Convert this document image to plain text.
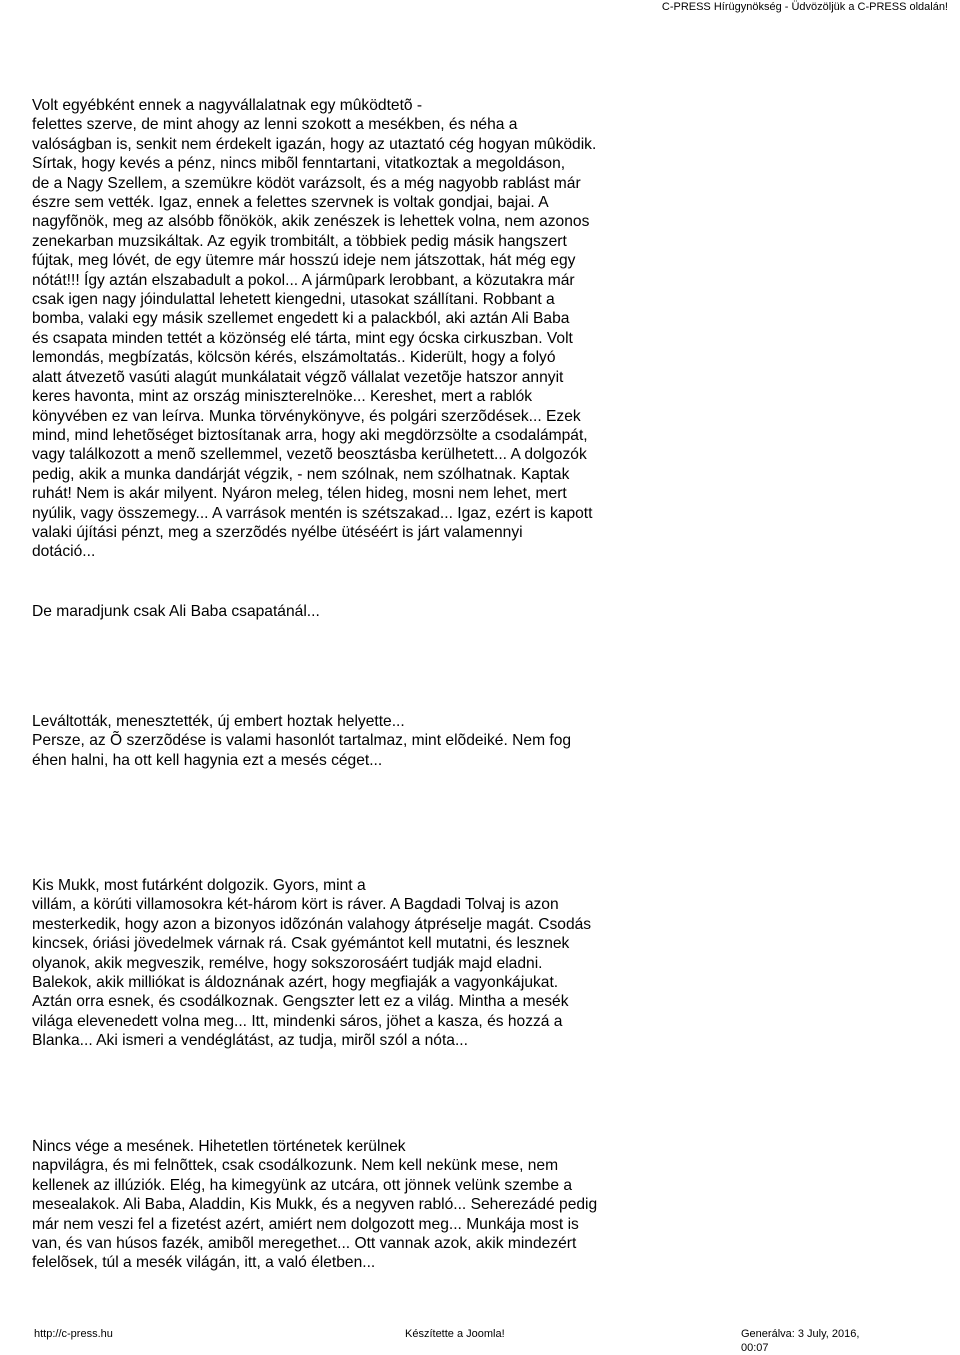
C-PRESS Hírügynökség - Üdvözöljük a C-PRESS oldalán!
Volt egyébként ennek a nagyvállalatnak egy mûködtetõ -
felettes szerve, de mint ahogy az lenni szokott a mesékben, és néha a
valóságban is, senkit nem érdekelt igazán, hogy az utaztató cég hogyan mûködik.
Sírtak, hogy kevés a pénz, nincs mibõl fenntartani, vitatkoztak a megoldáson,
de a Nagy Szellem, a szemükre ködöt varázsolt, és a még nagyobb rablást már
észre sem vették. Igaz, ennek a felettes szervnek is voltak gondjai, bajai. A
nagyfõnök, meg az alsóbb fõnökök, akik zenészek is lehettek volna, nem azonos
zenekarban muzsikáltak. Az egyik trombitált, a többiek pedig másik hangszert
fújtak, meg lóvét, de egy ütemre már hosszú ideje nem játszottak, hát még egy
nótát!!! Így aztán elszabadult a pokol... A jármûpark lerobbant, a közutakra már
csak igen nagy jóindulattal lehetett kiengedni, utasokat szállítani. Robbant a
bomba, valaki egy másik szellemet engedett ki a palackból, aki aztán Ali Baba
és csapata minden tettét a közönség elé tárta, mint egy ócska cirkuszban. Volt
lemondás, megbízatás, kölcsön kérés, elszámoltatás.. Kiderült, hogy a folyó
alatt átvezetõ vasúti alagút munkálatait végzõ vállalat vezetõje hatszor annyit
keres havonta, mint az ország miniszterelnöke... Kereshet, mert a rablók
könyvében ez van leírva. Munka törvénykönyve, és polgári szerzõdések... Ezek
mind, mind lehetõséget biztosítanak arra, hogy aki megdörzsölte a csodalámpát,
vagy találkozott a menõ szellemmel, vezetõ beosztásba kerülhetett... A dolgozók
pedig, akik a munka dandárját végzik, - nem szólnak, nem szólhatnak. Kaptak
ruhát! Nem is akár milyent. Nyáron meleg, télen hideg, mosni nem lehet, mert
nyúlik, vagy összemegy... A varrások mentén is szétszakad... Igaz, ezért is kapott
valaki újítási pénzt, meg a szerzõdés nyélbe ütéséért is járt valamennyi
dotáció...
De maradjunk csak Ali Baba csapatánál...
Leváltották, menesztették, új embert hoztak helyette...
Persze, az Õ szerzõdése is valami hasonlót tartalmaz, mint elõdeiké. Nem fog
éhen halni, ha ott kell hagynia ezt a mesés céget...
Kis Mukk, most futárként dolgozik. Gyors, mint a
villám, a körúti villamosokra két-három kört is ráver. A Bagdadi Tolvaj is azon
mesterkedik, hogy azon a bizonyos idõzónán valahogy átpréselje magát. Csodás
kincsek, óriási jövedelmek várnak rá. Csak gyémántot kell mutatni, és lesznek
olyanok, akik megveszik, remélve, hogy sokszorosáért tudják majd eladni.
Balekok, akik milliókat is áldoznának azért, hogy megfiaják a vagyonkájukat.
Aztán orra esnek, és csodálkoznak. Gengszter lett ez a világ. Mintha a mesék
világa elevenedett volna meg... Itt, mindenki sáros, jöhet a kasza, és hozzá a
Blanka... Aki ismeri a vendéglátást, az tudja, mirõl szól a nóta...
Nincs vége a mesének. Hihetetlen történetek kerülnek
napvilágra, és mi felnõttek, csak csodálkozunk. Nem kell nekünk mese, nem
kellenek az illúziók. Elég, ha kimegyünk az utcára, ott jönnek velünk szembe a
mesealakok. Ali Baba, Aladdin, Kis Mukk, és a negyven rabló... Seherezádé pedig
már nem veszi fel a fizetést azért, amiért nem dolgozott meg... Munkája most is
van, és van húsos fazék, amibõl meregethet... Ott vannak azok, akik mindezért
felelõsek, túl a mesék világán, itt, a való életben...
http://c-press.hu	Készítette a Joomla!	Generálva: 3 July, 2016, 00:07
